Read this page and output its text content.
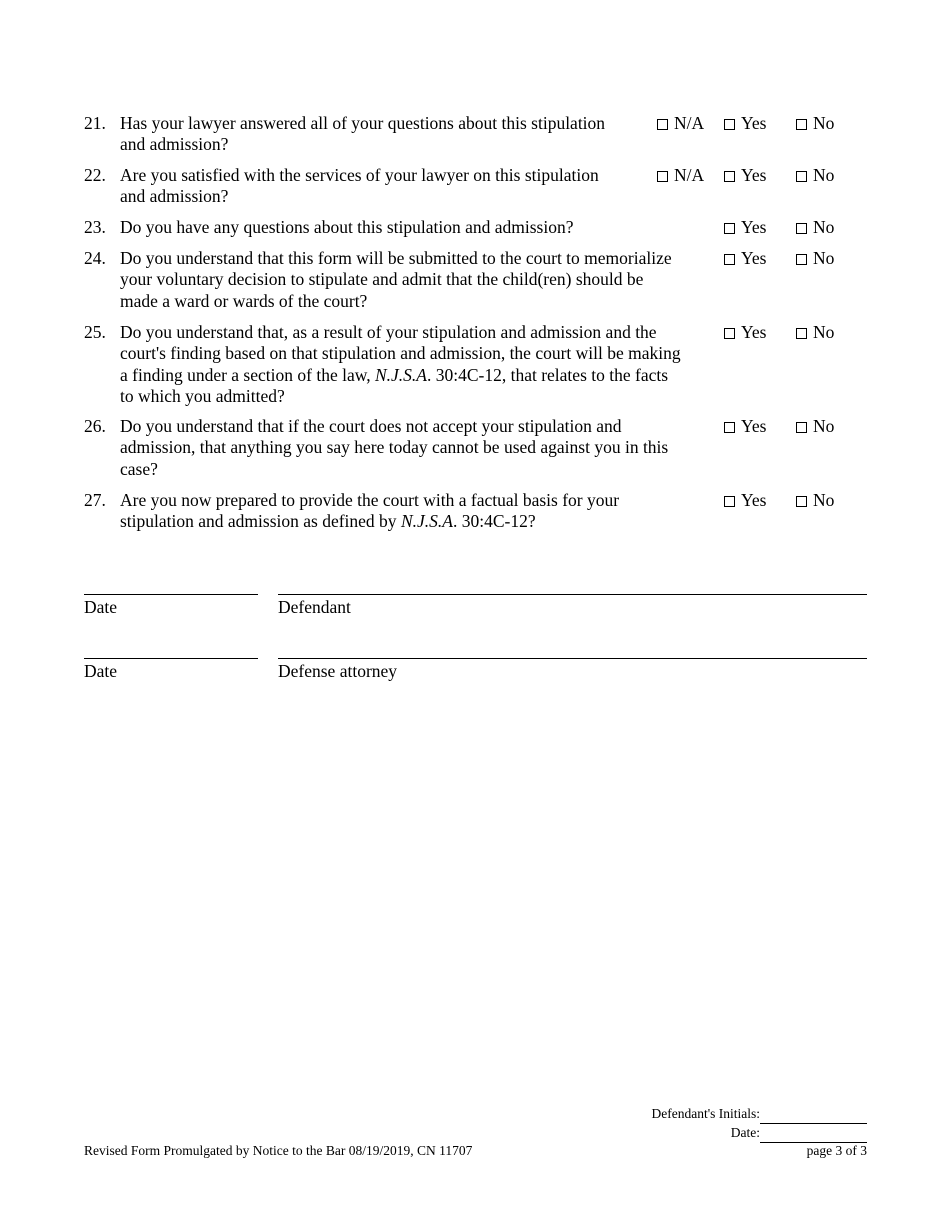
21. Has your lawyer answered all of your questions about this stipulation
and admission?
N/A	Yes	No
22. Are you satisfied with the services of your lawyer on this stipulation
and admission?
N/A	Yes	No
23. Do you have any questions about this stipulation and admission?	Yes	No
24. Do you understand that this form will be submitted to the court to memorialize
your voluntary decision to stipulate and admit that the child(ren) should be
made a ward or wards of the court?
Yes	No
25. Do you understand that, as a result of your stipulation and admission and the
court's finding based on that stipulation and admission, the court will be making
a finding under a section of the law, N.J.S.A. 30:4C-12, that relates to the facts
to which you admitted?
Yes	No
26. Do you understand that if the court does not accept your stipulation and
admission, that anything you say here today cannot be used against you in this
case?
Yes	No
27. Are you now prepared to provide the court with a factual basis for your
stipulation and admission as defined by N.J.S.A. 30:4C-12?
Yes	No
Date	Defendant
Date	Defense attorney
Defendant's Initials:
Date:
Revised Form Promulgated by Notice to the Bar 08/19/2019, CN 11707	page 3 of 3
